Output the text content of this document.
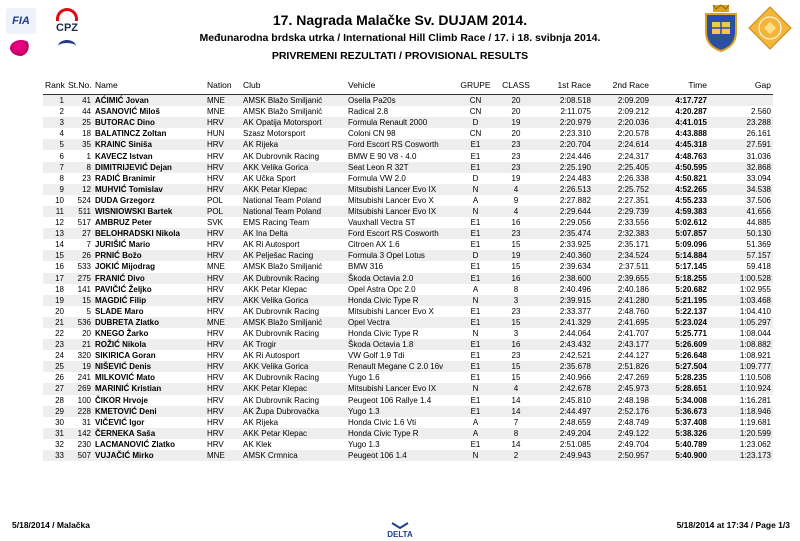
FIA
CPZ	17. Nagrada Malačke Sv. DUJAM 2014.
Međunarodna brdska utrka / International Hill Climb Race / 17. i 18. svibnja 2014.
PRIVREMENI REZULTATI / PROVISIONAL RESULTS
Rank	St.No.	Name	Nation	Club	Vehicle	GRUPE	CLASS	1st Race	2nd Race	Time	Gap
1	41	AĆIMIĆ Jovan	MNE	AMSK Blažo Smiljanić	Osella Pa20s	CN	20	2:08.518	2:09.209	4:17.727	
2	44	ASANOVIĆ Miloš	MNE	AMSK Blažo Smiljanić	Radical 2.8	CN	20	2:11.075	2:09.212	4:20.287	2.560
3	25	BUTORAC Dino	HRV	AK Opatija Motorsport	Formula Renault 2000	D	19	2:20.979	2:20.036	4:41.015	23.288
4	18	BALATINCZ Zoltan	HUN	Szasz Motorsport	Coloni CN 98	CN	20	2:23.310	2:20.578	4:43.888	26.161
5	35	KRAINC Siniša	HRV	AK Rijeka	Ford Escort RS Cosworth	E1	23	2:20.704	2:24.614	4:45.318	27.591
6	1	KAVECZ Istvan	HRV	AK Dubrovnik Racing	BMW E 90 V8 - 4.0	E1	23	2:24.446	2:24.317	4:48.763	31.036
7	8	DIMITRIJEVIĆ Dejan	HRV	AKK Velika Gorica	Seat Leon R 32T	E1	23	2:25.190	2:25.405	4:50.595	32.868
8	23	RADIĆ Branimir	HRV	AK Učka Sport	Formula VW 2.0	D	19	2:24.483	2:26.338	4:50.821	33.094
9	12	MUHVIĆ Tomislav	HRV	AKK Petar Klepac	Mitsubishi Lancer Evo IX	N	4	2:26.513	2:25.752	4:52.265	34.538
10	524	DUDA Grzegorz	POL	National Team Poland	Mitsubishi Lancer Evo X	A	9	2:27.882	2:27.351	4:55.233	37.506
11	511	WISNIOWSKI Bartek	POL	National Team Poland	Mitsubishi Lancer Evo IX	N	4	2:29.644	2:29.739	4:59.383	41.656
12	517	AMBRUZ Peter	SVK	EMS Racing Team	Vauxhall Vectra ST	E1	16	2:29.056	2:33.556	5:02.612	44.885
13	27	BELOHRADSKI Nikola	HRV	AK Ina Delta	Ford Escort RS Cosworth	E1	23	2:35.474	2:32.383	5:07.857	50.130
14	7	JURIŠIĆ Mario	HRV	AK Ri Autosport	Citroen AX 1.6	E1	15	2:33.925	2:35.171	5:09.096	51.369
15	26	PRNIĆ Božo	HRV	AK Pelješac Racing	Formula 3 Opel Lotus	D	19	2:40.360	2:34.524	5:14.884	57.157
16	533	JOKIĆ Mijodrag	MNE	AMSK Blažo Smiljanić	BMW 316	E1	15	2:39.634	2:37.511	5:17.145	59.418
17	275	FRANIĆ Divo	HRV	AK Dubrovnik Racing	Škoda Octavia 2.0	E1	16	2:38.600	2:39.655	5:18.255	1:00.528
18	141	PAVIČIĆ Željko	HRV	AKK Petar Klepac	Opel Astra Opc 2.0	A	8	2:40.496	2:40.186	5:20.682	1:02.955
19	15	MAGDIĆ Filip	HRV	AKK Velika Gorica	Honda Civic Type R	N	3	2:39.915	2:41.280	5:21.195	1:03.468
20	5	SLADE Maro	HRV	AK Dubrovnik Racing	Mitsubishi Lancer Evo X	E1	23	2:33.377	2:48.760	5:22.137	1:04.410
21	536	DUBRETA Zlatko	MNE	AMSK Blažo Smiljanić	Opel Vectra	E1	15	2:41.329	2:41.695	5:23.024	1:05.297
22	20	KNEGO Žarko	HRV	AK Dubrovnik Racing	Honda Civic Type R	N	3	2:44.064	2:41.707	5:25.771	1:08.044
23	21	ROŽIĆ Nikola	HRV	AK Trogir	Škoda Octavia 1.8	E1	16	2:43.432	2:43.177	5:26.609	1:08.882
24	320	SIKIRICA Goran	HRV	AK Ri Autosport	VW Golf 1.9 Tdi	E1	23	2:42.521	2:44.127	5:26.648	1:08.921
25	19	NIŠEVIĆ Denis	HRV	AKK Velika Gorica	Renault Megane C 2.0 16v	E1	15	2:35.678	2:51.826	5:27.504	1:09.777
26	241	MILKOVIĆ Mato	HRV	AK Dubrovnik Racing	Yugo 1.6	E1	15	2:40.966	2:47.269	5:28.235	1:10.508
27	269	MARINIĆ Kristian	HRV	AKK Petar Klepac	Mitsubishi Lancer Evo IX	N	4	2:42.678	2:45.973	5:28.651	1:10.924
28	100	ČIKOR Hrvoje	HRV	AK Dubrovnik Racing	Peugeot 106 Rallye 1.4	E1	14	2:45.810	2:48.198	5:34.008	1:16.281
29	228	KMETOVIĆ Deni	HRV	AK Župa Dubrovačka	Yugo 1.3	E1	14	2:44.497	2:52.176	5:36.673	1:18.946
30	31	VIČEVIĆ Igor	HRV	AK Rijeka	Honda Civic 1.6 Vti	A	7	2:48.659	2:48.749	5:37.408	1:19.681
31	142	ČERNEKA Saša	HRV	AKK Petar Klepac	Honda Civic Type R	A	8	2:49.204	2:49.122	5:38.326	1:20.599
32	230	LACMANOVIĆ Zlatko	HRV	AK Klek	Yugo 1.3	E1	14	2:51.085	2:49.704	5:40.789	1:23.062
33	507	VUJAČIĆ Mirko	MNE	AMSK Crmnica	Peugeot 106 1.4	N	2	2:49.943	2:50.957	5:40.900	1:23.173
5/18/2014 / Malačka
DELTA
5/18/2014 at 17:34 / Page 1/3
